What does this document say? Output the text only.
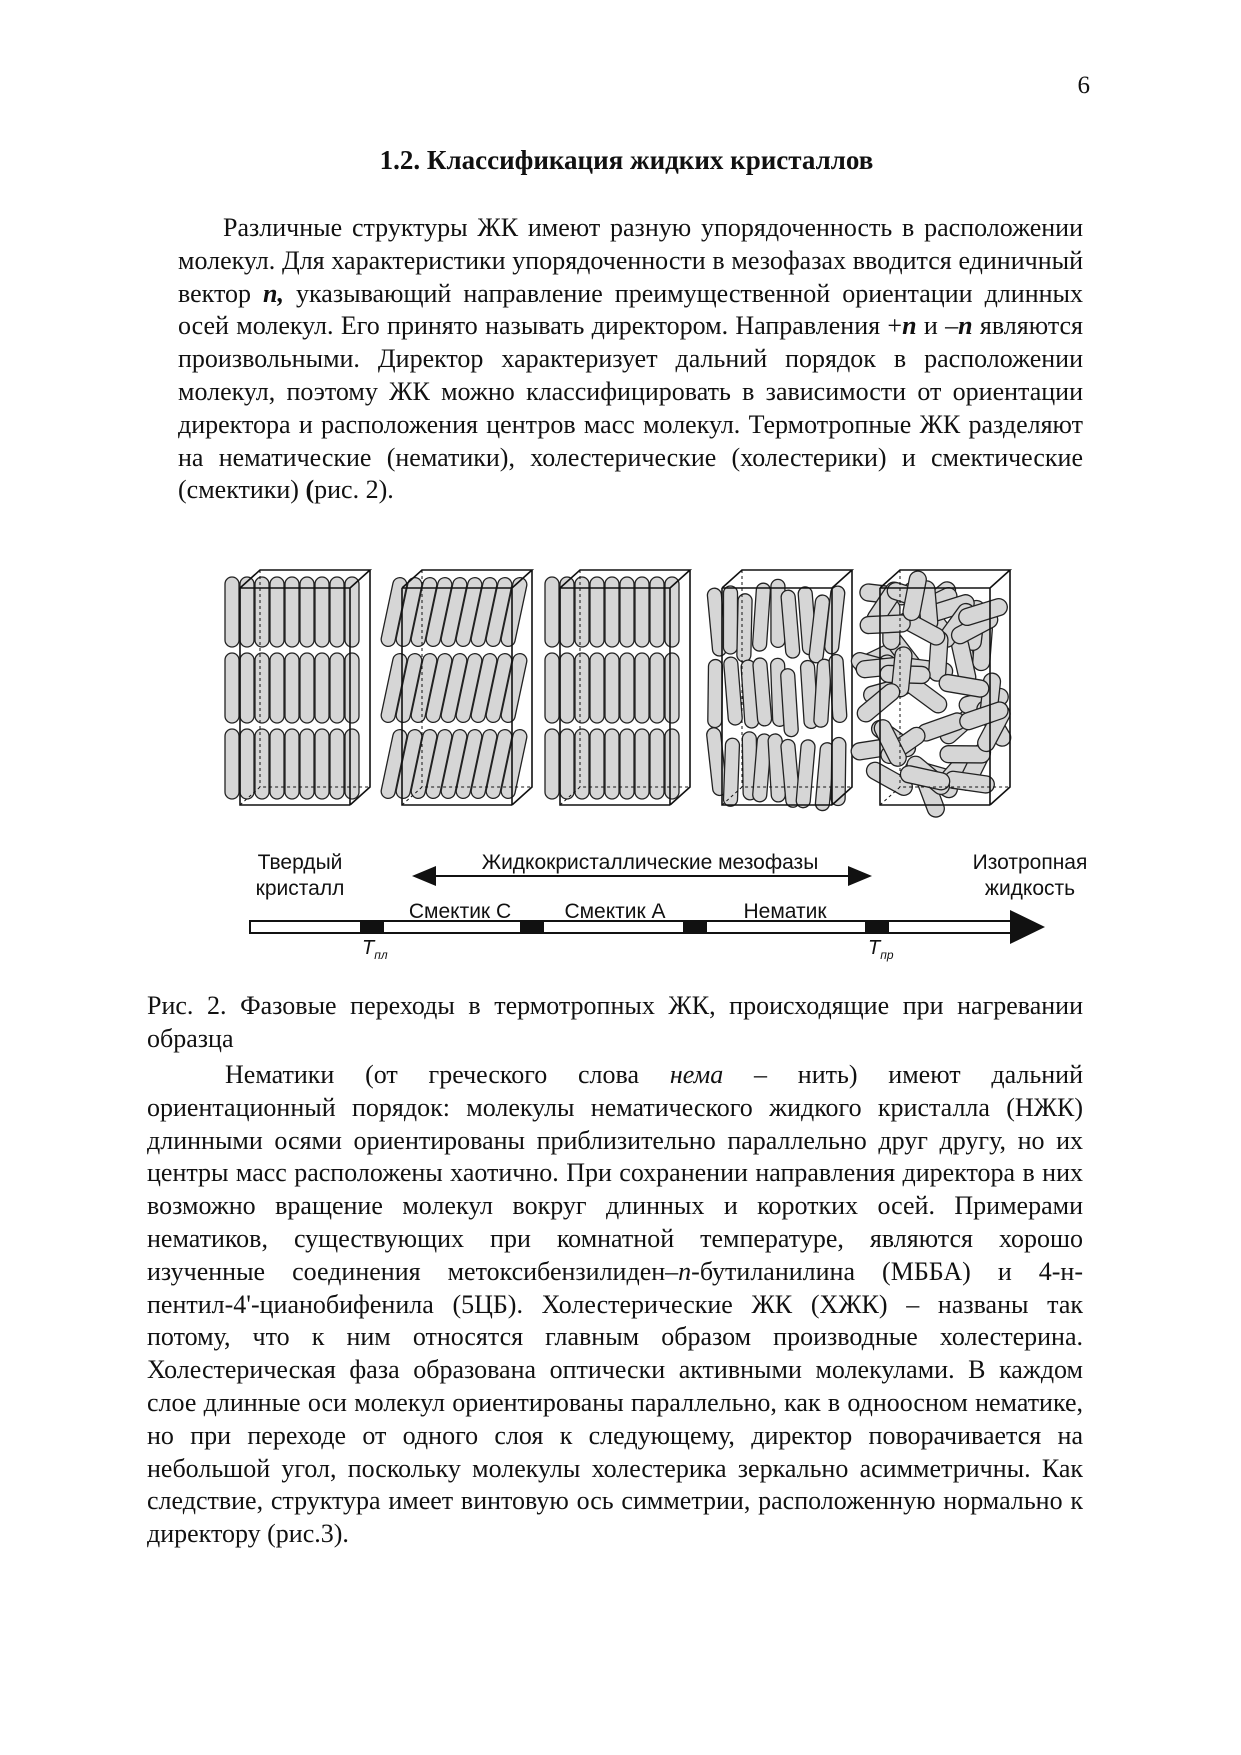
6
1.2. Классификация жидких кристаллов

Различные структуры ЖК имеют разную упорядоченность в расположении молекул. Для характеристики упорядоченности в мезофазах вводится единичный вектор n, указывающий направление преимущественной ориентации длинных осей молекул. Его принято называть директором. Направления +n и –n являются произвольными. Директор характеризует дальний порядок в расположении молекул, поэтому ЖК можно классифицировать в зависимости от ориентации директора и расположения центров масс молекул. Термотропные ЖК разделяют на нематические (нематики), холестерические (холестерики) и смектические (смектики) (рис. 2).

Твердый
кристалл
Жидкокристаллические мезофазы	Изотропная
жидкость
Смектик С	Смектик А	Нематик
$T_{пл}$	$T_{пр}$

Рис. 2. Фазовые переходы в термотропных ЖК, происходящие при нагревании образца

Нематики (от греческого слова нема – нить) имеют дальний ориентационный порядок: молекулы нематического жидкого кристалла (НЖК) длинными осями ориентированы приблизительно параллельно друг другу, но их центры масс расположены хаотично. При сохранении направления директора в них возможно вращение молекул вокруг длинных и коротких осей. Примерами нематиков, существующих при комнатной температуре, являются хорошо изученные соединения метоксибензилиден–n-бутиланилина (МББА) и 4-н-пентил-4'-цианобифенила (5ЦБ). Холестерические ЖК (ХЖК) – названы так потому, что к ним относятся главным образом производные холестерина. Холестерическая фаза образована оптически активными молекулами. В каждом слое длинные оси молекул ориентированы параллельно, как в одноосном нематике, но при переходе от одного слоя к следующему, директор поворачивается на небольшой угол, поскольку молекулы холестерика зеркально асимметричны. Как следствие, структура имеет винтовую ось симметрии, расположенную нормально к директору (рис.3).
